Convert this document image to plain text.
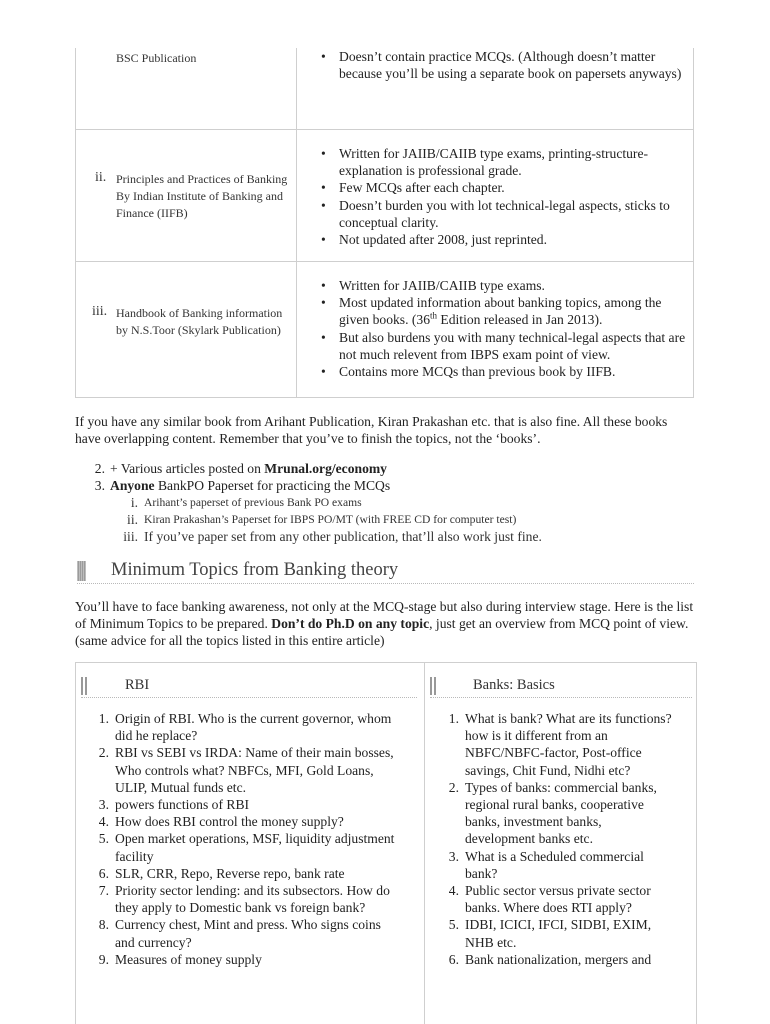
BSC Publication	• Doesn’t contain practice MCQs. (Although doesn’t matter because you’ll be using a separate book on papersets anyways)
ii. Principles and Practices of Banking By Indian Institute of Banking and Finance (IIFB)
• Written for JAIIB/CAIIB type exams, printing-structure-explanation is professional grade.
• Few MCQs after each chapter.
• Doesn’t burden you with lot technical-legal aspects, sticks to conceptual clarity.
• Not updated after 2008, just reprinted.
iii. Handbook of Banking information by N.S.Toor (Skylark Publication)
• Written for JAIIB/CAIIB type exams.
• Most updated information about banking topics, among the given books. (36th Edition released in Jan 2013).
• But also burdens you with many technical-legal aspects that are not much relevent from IBPS exam point of view.
• Contains more MCQs than previous book by IIFB.
If you have any similar book from Arihant Publication, Kiran Prakashan etc. that is also fine. All these books have overlapping content. Remember that you’ve to finish the topics, not the ‘books’.
2. + Various articles posted on Mrunal.org/economy
3. Anyone BankPO Paperset for practicing the MCQs
i. Arihant’s paperset of previous Bank PO exams
ii. Kiran Prakashan’s Paperset for IBPS PO/MT (with FREE CD for computer test)
iii. If you’ve paper set from any other publication, that’ll also work just fine.
Minimum Topics from Banking theory
You’ll have to face banking awareness, not only at the MCQ-stage but also during interview stage. Here is the list of Minimum Topics to be prepared. Don’t do Ph.D on any topic, just get an overview from MCQ point of view. (same advice for all the topics listed in this entire article)
RBI	Banks: Basics
1. Origin of RBI. Who is the current governor, whom
did he replace?
2. RBI vs SEBI vs IRDA: Name of their main bosses,
Who controls what? NBFCs, MFI, Gold Loans,
ULIP, Mutual funds etc.
3. powers functions of RBI
4. How does RBI control the money supply?
5. Open market operations, MSF, liquidity adjustment
facility
6. SLR, CRR, Repo, Reverse repo, bank rate
7. Priority sector lending: and its subsectors. How do
they apply to Domestic bank vs foreign bank?
8. Currency chest, Mint and press. Who signs coins
and currency?
9. Measures of money supply
1. What is bank? What are its functions?
how is it different from an
NBFC/NBFC-factor, Post-office
savings, Chit Fund, Nidhi etc?
2. Types of banks: commercial banks,
regional rural banks, cooperative
banks, investment banks,
development banks etc.
3. What is a Scheduled commercial
bank?
4. Public sector versus private sector
banks. Where does RTI apply?
5. IDBI, ICICI, IFCI, SIDBI, EXIM,
NHB etc.
6. Bank nationalization, mergers and
